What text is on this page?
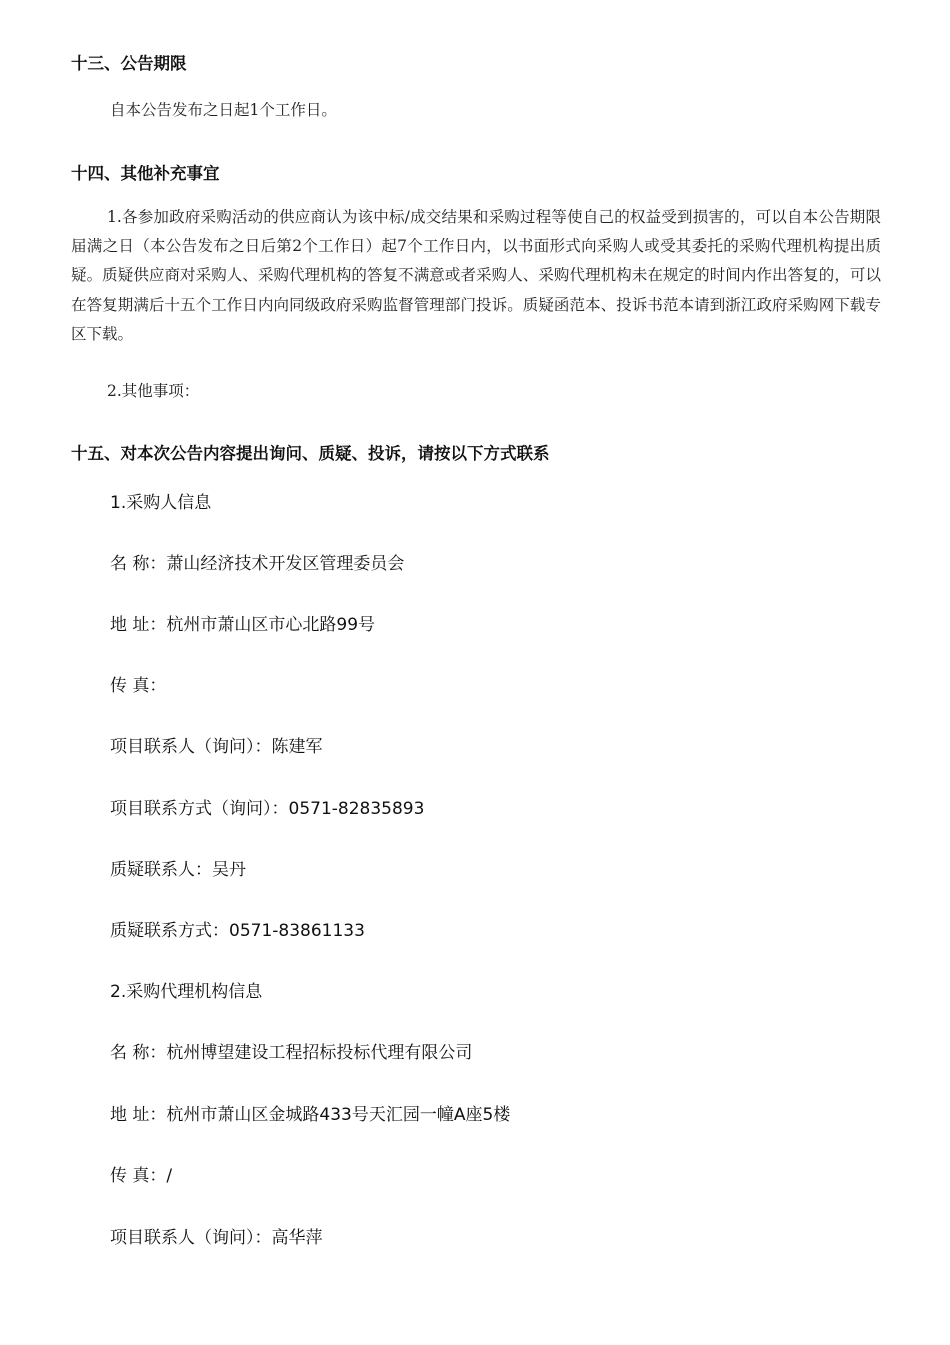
十三、公告期限
自本公告发布之日起1个工作日。
十四、其他补充事宜
1.各参加政府采购活动的供应商认为该中标/成交结果和采购过程等使自己的权益受到损害的，可以自本公告期限届满之日（本公告发布之日后第2个工作日）起7个工作日内，以书面形式向采购人或受其委托的采购代理机构提出质疑。质疑供应商对采购人、采购代理机构的答复不满意或者采购人、采购代理机构未在规定的时间内作出答复的，可以在答复期满后十五个工作日内向同级政府采购监督管理部门投诉。质疑函范本、投诉书范本请到浙江政府采购网下载专区下载。
2.其他事项：
十五、对本次公告内容提出询问、质疑、投诉，请按以下方式联系
1.采购人信息
名 称：萧山经济技术开发区管理委员会
地 址：杭州市萧山区市心北路99号
传 真：
项目联系人（询问）：陈建军
项目联系方式（询问）：0571-82835893
质疑联系人：吴丹
质疑联系方式：0571-83861133
2.采购代理机构信息
名 称：杭州博望建设工程招标投标代理有限公司
地 址：杭州市萧山区金城路433号天汇园一幢A座5楼
传 真：/
项目联系人（询问）：高华萍
